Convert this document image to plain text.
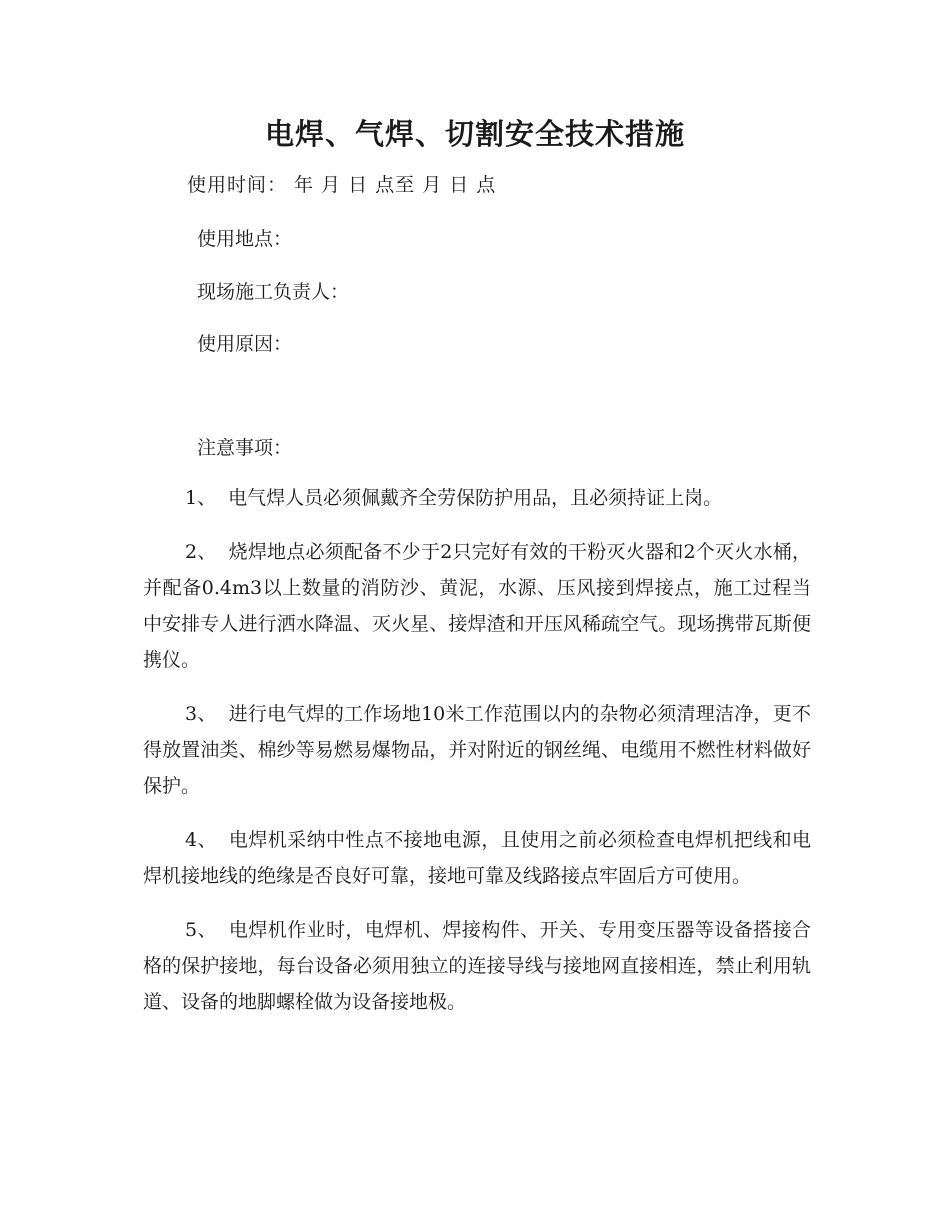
电焊、气焊、切割安全技术措施
使用时间： 年 月 日 点至 月 日 点
使用地点：
现场施工负责人：
使用原因：
注意事项：

1、 电气焊人员必须佩戴齐全劳保防护用品，且必须持证上岗。

2、 烧焊地点必须配备不少于2只完好有效的干粉灭火器和2个灭火水桶，并配备0.4m3以上数量的消防沙、黄泥，水源、压风接到焊接点，施工过程当中安排专人进行洒水降温、灭火星、接焊渣和开压风稀疏空气。现场携带瓦斯便携仪。

3、 进行电气焊的工作场地10米工作范围以内的杂物必须清理洁净，更不得放置油类、棉纱等易燃易爆物品，并对附近的钢丝绳、电缆用不燃性材料做好保护。

4、 电焊机采纳中性点不接地电源，且使用之前必须检查电焊机把线和电焊机接地线的绝缘是否良好可靠，接地可靠及线路接点牢固后方可使用。

5、 电焊机作业时，电焊机、焊接构件、开关、专用变压器等设备搭接合格的保护接地，每台设备必须用独立的连接导线与接地网直接相连，禁止利用轨道、设备的地脚螺栓做为设备接地极。
